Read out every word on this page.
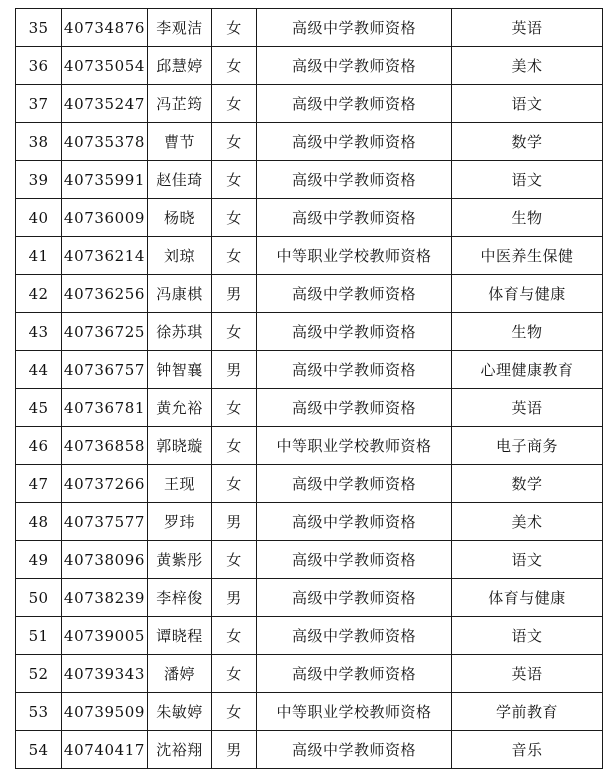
35	40734876	李观洁	女	高级中学教师资格	英语
36	40735054	邱慧婷	女	高级中学教师资格	美术
37	40735247	冯芷筠	女	高级中学教师资格	语文
38	40735378	曹节	女	高级中学教师资格	数学
39	40735991	赵佳琦	女	高级中学教师资格	语文
40	40736009	杨晓	女	高级中学教师资格	生物
41	40736214	刘琼	女	中等职业学校教师资格	中医养生保健
42	40736256	冯康棋	男	高级中学教师资格	体育与健康
43	40736725	徐苏琪	女	高级中学教师资格	生物
44	40736757	钟智襄	男	高级中学教师资格	心理健康教育
45	40736781	黄允裕	女	高级中学教师资格	英语
46	40736858	郭晓璇	女	中等职业学校教师资格	电子商务
47	40737266	王现	女	高级中学教师资格	数学
48	40737577	罗玮	男	高级中学教师资格	美术
49	40738096	黄紫彤	女	高级中学教师资格	语文
50	40738239	李梓俊	男	高级中学教师资格	体育与健康
51	40739005	谭晓程	女	高级中学教师资格	语文
52	40739343	潘婷	女	高级中学教师资格	英语
53	40739509	朱敏婷	女	中等职业学校教师资格	学前教育
54	40740417	沈裕翔	男	高级中学教师资格	音乐
